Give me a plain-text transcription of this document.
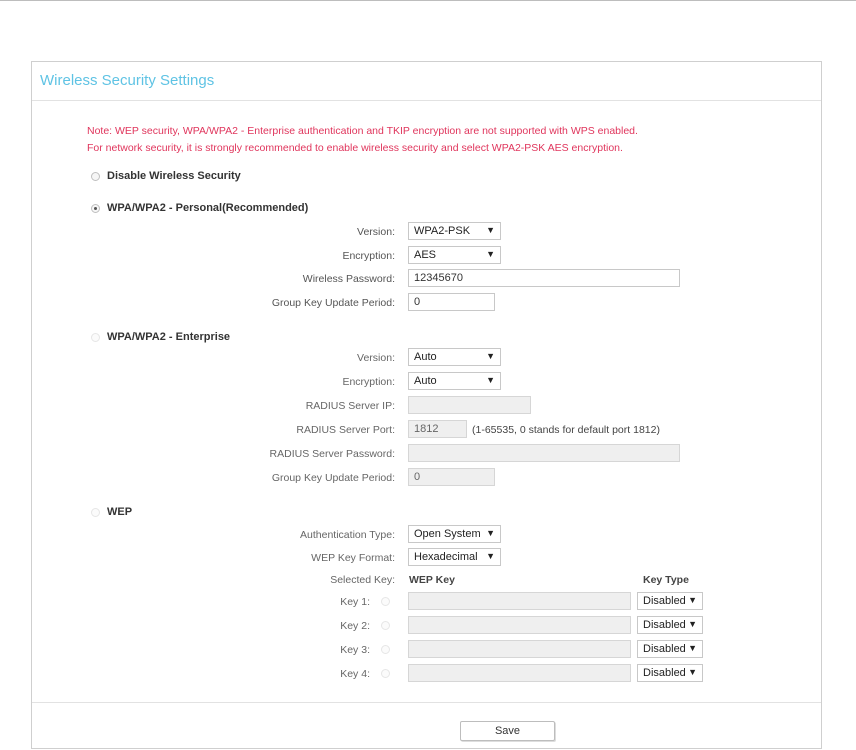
Wireless Security Settings
Note: WEP security, WPA/WPA2 - Enterprise authentication and TKIP encryption are not supported with WPS enabled.
For network security, it is strongly recommended to enable wireless security and select WPA2-PSK AES encryption.
Disable Wireless Security
WPA/WPA2 - Personal(Recommended)
Version:	WPA2-PSK ▼
Encryption:	AES	▼
Wireless Password:	12345670
Group Key Update Period:	0
WPA/WPA2 - Enterprise
Version:	Auto	▼
Encryption:	Auto	▼
RADIUS Server IP:
RADIUS Server Port:	1812	(1-65535, 0 stands for default port 1812)
RADIUS Server Password:
Group Key Update Period:	0
WEP
Authentication Type:	Open System ▼
WEP Key Format:	Hexadecimal ▼
Selected Key: WEP Key	Key Type
Key 1:	Disabled ▼
Key 2:	Disabled ▼
Key 3:	Disabled ▼
Key 4:	Disabled ▼
Save
